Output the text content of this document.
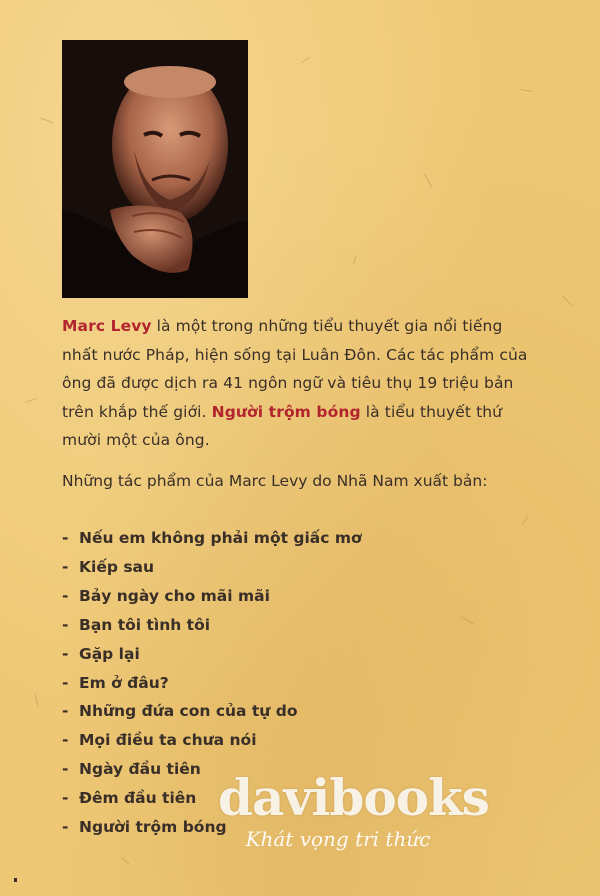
Marc Levy là một trong những tiểu thuyết gia nổi tiếng nhất nước Pháp, hiện sống tại Luân Đôn. Các tác phẩm của ông đã được dịch ra 41 ngôn ngữ và tiêu thụ 19 triệu bản trên khắp thế giới. Người trộm bóng là tiểu thuyết thứ mười một của ông.
Những tác phẩm của Marc Levy do Nhã Nam xuất bản:
- Nếu em không phải một giấc mơ
- Kiếp sau
- Bảy ngày cho mãi mãi
- Bạn tôi tình tôi
- Gặp lại
- Em ở đâu?
- Những đứa con của tự do
- Mọi điều ta chưa nói
- Ngày đầu tiên
- Đêm đầu tiên
- Người trộm bóng
davibooks
Khát vọng tri thức
